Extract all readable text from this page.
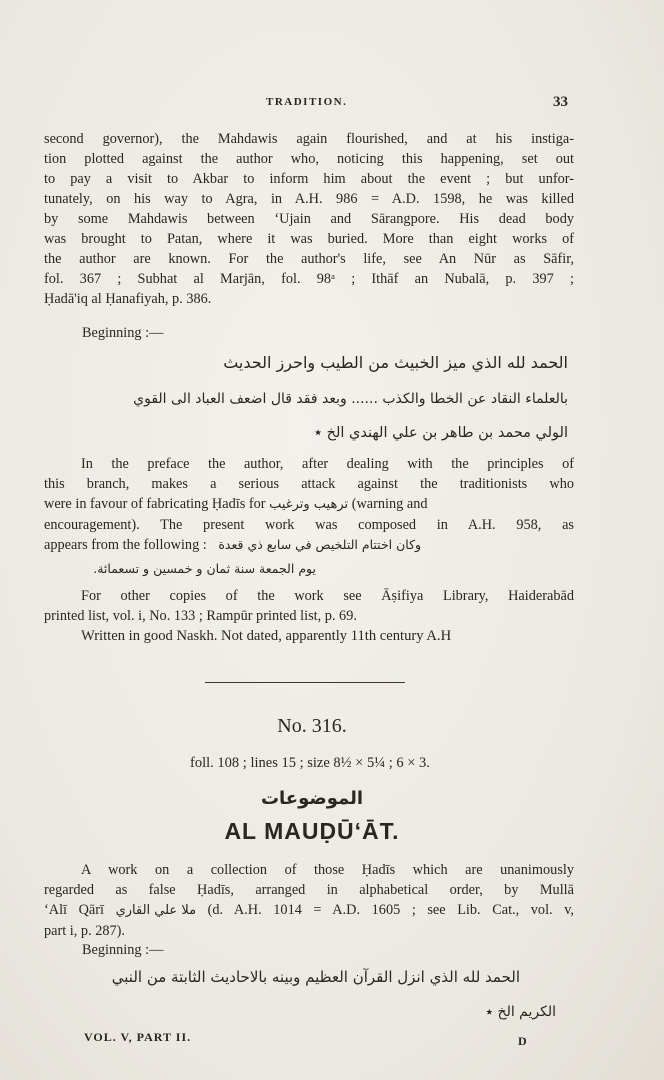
TRADITION.	33
second governor), the Mahdawis again flourished, and at his instiga-
tion plotted against the author who, noticing this happening, set out
to pay a visit to Akbar to inform him about the event ; but unfor-
tunately, on his way to Agra, in A.H. 986 = A.D. 1598, he was killed
by some Mahdawis between ‘Ujain and Sārangpore. His dead body
was brought to Patan, where it was buried. More than eight works of
the author are known. For the author's life, see An Nūr as Sāfir,
fol. 367 ; Subhat al Marjān, fol. 98ᵃ ; Ithāf an Nubalā, p. 397 ;
Ḥadā'iq al Ḥanafiyah, p. 386.
Beginning :—
الحمد لله الذي ميز الخبيث من الطيب واحرز الحديث
بالعلماء النقاد عن الخطا والكذب ...... وبعد فقد قال اضعف العباد الى القوي
الولي محمد بن طاهر بن علي الهندي الخ ٭
In the preface the author, after dealing with the principles of
this branch, makes a serious attack against the traditionists who
were in favour of fabricating Ḥadīs for ترهيب وترغيب (warning and
encouragement). The present work was composed in A.H. 958, as
appears from the following : وكان اختتام التلخيص في سابع ذي قعدة
يوم الجمعة سنة ثمان و خمسين و تسعمائة.
For other copies of the work see Āṣifiya Library, Haiderabād
printed list, vol. i, No. 133 ; Rampūr printed list, p. 69.
Written in good Naskh. Not dated, apparently 11th century A.H
No. 316.
foll. 108 ; lines 15 ; size 8½ × 5¼ ; 6 × 3.
الموضوعات
AL MAUḌŪ‘ĀT.
A work on a collection of those Ḥadīs which are unanimously
regarded as false Ḥadīs, arranged in alphabetical order, by Mullā
‘Alī Qārī ملا علي القاري (d. A.H. 1014 = A.D. 1605 ; see Lib. Cat., vol. v,
part i, p. 287).
Beginning :—
الحمد لله الذي انزل القرآن العظيم وبينه بالاحاديث الثابتة من النبي
الكريم الخ ٭
VOL. V, PART II.	D
